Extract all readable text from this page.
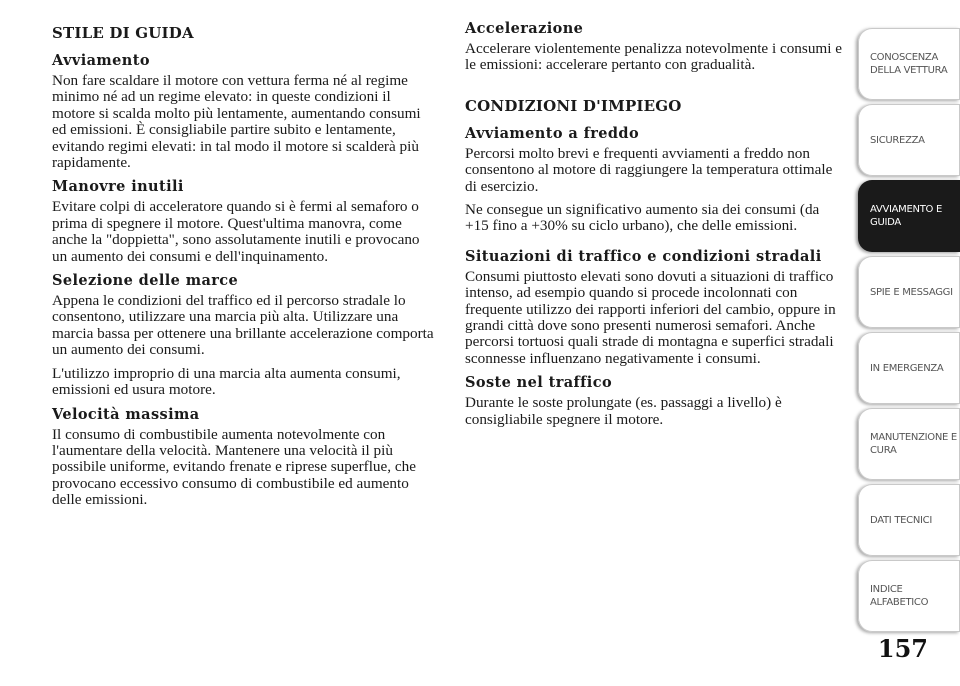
STILE DI GUIDA
Avviamento

Non fare scaldare il motore con vettura ferma né al regime minimo né ad un regime elevato: in queste condizioni il motore si scalda molto più lentamente, aumentando consumi ed emissioni. È consigliabile partire subito e lentamente, evitando regimi elevati: in tal modo il motore si scalderà più rapidamente.

Manovre inutili

Evitare colpi di acceleratore quando si è fermi al semaforo o prima di spegnere il motore. Quest'ultima manovra, come anche la "doppietta", sono assolutamente inutili e provocano un aumento dei consumi e dell'inquinamento.

Selezione delle marce

Appena le condizioni del traffico ed il percorso stradale lo consentono, utilizzare una marcia più alta. Utilizzare una marcia bassa per ottenere una brillante accelerazione comporta un aumento dei consumi.

L'utilizzo improprio di una marcia alta aumenta consumi, emissioni ed usura motore.

Velocità massima

Il consumo di combustibile aumenta notevolmente con l'aumentare della velocità. Mantenere una velocità il più possibile uniforme, evitando frenate e riprese superflue, che provocano eccessivo consumo di combustibile ed aumento delle emissioni.

Accelerazione

Accelerare violentemente penalizza notevolmente i consumi e le emissioni: accelerare pertanto con gradualità.

CONDIZIONI D'IMPIEGO
Avviamento a freddo

Percorsi molto brevi e frequenti avviamenti a freddo non consentono al motore di raggiungere la temperatura ottimale di esercizio.

Ne consegue un significativo aumento sia dei consumi (da +15 fino a +30% su ciclo urbano), che delle emissioni.

Situazioni di traffico e condizioni stradali

Consumi piuttosto elevati sono dovuti a situazioni di traffico intenso, ad esempio quando si procede incolonnati con frequente utilizzo dei rapporti inferiori del cambio, oppure in grandi città dove sono presenti numerosi semafori. Anche percorsi tortuosi quali strade di montagna e superfici stradali sconnesse influenzano negativamente i consumi.

Soste nel traffico

Durante le soste prolungate (es. passaggi a livello) è consigliabile spegnere il motore.

CONOSCENZA DELLA VETTURA
SICUREZZA
AVVIAMENTO E GUIDA
SPIE E MESSAGGI
IN EMERGENZA
MANUTENZIONE E CURA
DATI TECNICI
INDICE ALFABETICO
157
